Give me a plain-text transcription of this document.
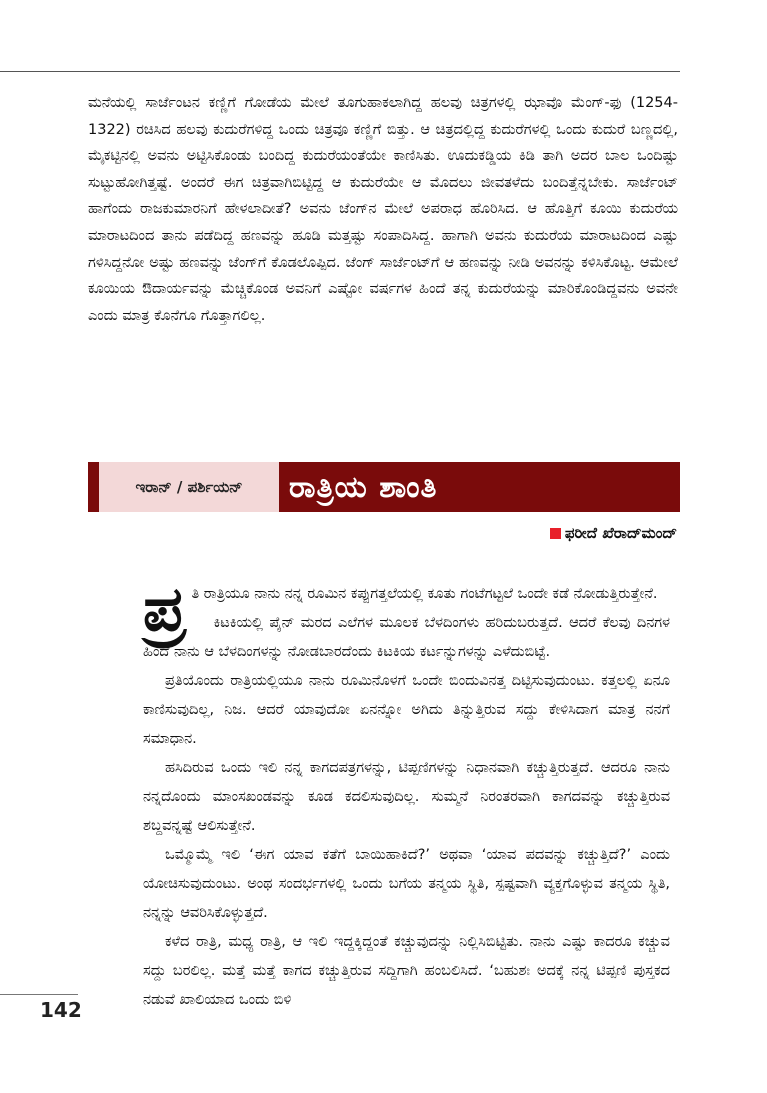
ಮನೆಯಲ್ಲಿ ಸಾರ್ಜೆಂಟನ ಕಣ್ಣಿಗೆ ಗೋಡೆಯ ಮೇಲೆ ತೂಗುಹಾಕಲಾಗಿದ್ದ ಹಲವು ಚಿತ್ರಗಳಲ್ಲಿ ಝಾವೊ ಮೆಂಗ್-ಫು (1254-1322) ರಚಿಸಿದ ಹಲವು ಕುದುರೆಗಳಿದ್ದ ಒಂದು ಚಿತ್ರವೂ ಕಣ್ಣಿಗೆ ಬಿತ್ತು. ಆ ಚಿತ್ರದಲ್ಲಿದ್ದ ಕುದುರೆಗಳಲ್ಲಿ ಒಂದು ಕುದುರೆ ಬಣ್ಣದಲ್ಲಿ, ಮೈಕಟ್ಟಿನಲ್ಲಿ ಅವನು ಅಟ್ಟಿಸಿಕೊಂಡು ಬಂದಿದ್ದ ಕುದುರೆಯಂತೆಯೇ ಕಾಣಿಸಿತು. ಊದುಕಡ್ಡಿಯ ಕಿಡಿ ತಾಗಿ ಅದರ ಬಾಲ ಒಂದಿಷ್ಟು ಸುಟ್ಟುಹೋಗಿತ್ತಷ್ಟೆ. ಅಂದರೆ ಈಗ ಚಿತ್ರವಾಗಿಬಿಟ್ಟಿದ್ದ ಆ ಕುದುರೆಯೇ ಆ ಮೊದಲು ಜೀವತಳೆದು ಬಂದಿತ್ತೆನ್ನಬೇಕು. ಸಾರ್ಜೆಂಟ್ ಹಾಗೆಂದು ರಾಜಕುಮಾರನಿಗೆ ಹೇಳಲಾದೀತೆ? ಅವನು ಜೆಂಗ್‌ನ ಮೇಲೆ ಅಪರಾಧ ಹೊರಿಸಿದ. ಆ ಹೊತ್ತಿಗೆ ಕೂಯಿ ಕುದುರೆಯ ಮಾರಾಟದಿಂದ ತಾನು ಪಡೆದಿದ್ದ ಹಣವನ್ನು ಹೂಡಿ ಮತ್ತಷ್ಟು ಸಂಪಾದಿಸಿದ್ದ. ಹಾಗಾಗಿ ಅವನು ಕುದುರೆಯ ಮಾರಾಟದಿಂದ ಎಷ್ಟು ಗಳಿಸಿದ್ದನೋ ಅಷ್ಟು ಹಣವನ್ನು ಜೆಂಗ್‌ಗೆ ಕೊಡಲೊಪ್ಪಿದ. ಜೆಂಗ್ ಸಾರ್ಜೆಂಟ್‌ಗೆ ಆ ಹಣವನ್ನು ನೀಡಿ ಅವನನ್ನು ಕಳಿಸಿಕೊಟ್ಟ. ಆಮೇಲೆ ಕೂಯಿಯ ಔದಾರ್ಯವನ್ನು ಮೆಚ್ಚಿಕೊಂಡ ಅವನಿಗೆ ಎಷ್ಟೋ ವರ್ಷಗಳ ಹಿಂದೆ ತನ್ನ ಕುದುರೆಯನ್ನು ಮಾರಿಕೊಂಡಿದ್ದವನು ಅವನೇ ಎಂದು ಮಾತ್ರ ಕೊನೆಗೂ ಗೊತ್ತಾಗಲಿಲ್ಲ.

ಇರಾನ್ / ಪರ್ಶಿಯನ್	ರಾತ್ರಿಯ ಶಾಂತಿ
ಫರೀದೆ ಖೆರಾದ್‌ಮಂದ್

ಪ್ರ ತಿ ರಾತ್ರಿಯೂ ನಾನು ನನ್ನ ರೂಮಿನ ಕಪ್ಪುಗತ್ತಲೆಯಲ್ಲಿ ಕೂತು ಗಂಟೆಗಟ್ಟಲೆ ಒಂದೇ ಕಡೆ ನೋಡುತ್ತಿರುತ್ತೇನೆ.

ಕಿಟಕಿಯಲ್ಲಿ ಪೈನ್ ಮರದ ಎಲೆಗಳ ಮೂಲಕ ಬೆಳದಿಂಗಳು ಹರಿದುಬರುತ್ತದೆ. ಆದರೆ ಕೆಲವು ದಿನಗಳ ಹಿಂದೆ ನಾನು ಆ ಬೆಳದಿಂಗಳನ್ನು ನೋಡಬಾರದೆಂದು ಕಿಟಕಿಯ ಕರ್ಟನ್ನುಗಳನ್ನು ಎಳೆದುಬಿಟ್ಟೆ.

ಪ್ರತಿಯೊಂದು ರಾತ್ರಿಯಲ್ಲಿಯೂ ನಾನು ರೂಮಿನೊಳಗೆ ಒಂದೇ ಬಿಂದುವಿನತ್ತ ದಿಟ್ಟಿಸುವುದುಂಟು. ಕತ್ತಲಲ್ಲಿ ಏನೂ ಕಾಣಿಸುವುದಿಲ್ಲ, ನಿಜ. ಆದರೆ ಯಾವುದೋ ಏನನ್ನೋ ಅಗಿದು ತಿನ್ನುತ್ತಿರುವ ಸದ್ದು ಕೇಳಿಸಿದಾಗ ಮಾತ್ರ ನನಗೆ ಸಮಾಧಾನ.

ಹಸಿದಿರುವ ಒಂದು ಇಲಿ ನನ್ನ ಕಾಗದಪತ್ರಗಳನ್ನು, ಟಿಪ್ಪಣಿಗಳನ್ನು ನಿಧಾನವಾಗಿ ಕಚ್ಚುತ್ತಿರುತ್ತದೆ. ಆದರೂ ನಾನು ನನ್ನದೊಂದು ಮಾಂಸಖಂಡವನ್ನು ಕೂಡ ಕದಲಿಸುವುದಿಲ್ಲ. ಸುಮ್ಮನೆ ನಿರಂತರವಾಗಿ ಕಾಗದವನ್ನು ಕಚ್ಚುತ್ತಿರುವ ಶಬ್ದವನ್ನಷ್ಟೆ ಆಲಿಸುತ್ತೇನೆ.

ಒಮ್ಮೊಮ್ಮೆ ಇಲಿ ‘ಈಗ ಯಾವ ಕತೆಗೆ ಬಾಯಿಹಾಕಿದೆ?’ ಅಥವಾ ‘ಯಾವ ಪದವನ್ನು ಕಚ್ಚುತ್ತಿದೆ?’ ಎಂದು ಯೋಚಿಸುವುದುಂಟು. ಅಂಥ ಸಂದರ್ಭಗಳಲ್ಲಿ ಒಂದು ಬಗೆಯ ತನ್ಮಯ ಸ್ಥಿತಿ, ಸ್ಪಷ್ಟವಾಗಿ ವ್ಯಕ್ತಗೊಳ್ಳುವ ತನ್ಮಯ ಸ್ಥಿತಿ, ನನ್ನನ್ನು ಆವರಿಸಿಕೊಳ್ಳುತ್ತದೆ.

ಕಳೆದ ರಾತ್ರಿ, ಮಧ್ಯ ರಾತ್ರಿ, ಆ ಇಲಿ ಇದ್ದಕ್ಕಿದ್ದಂತೆ ಕಚ್ಚುವುದನ್ನು ನಿಲ್ಲಿಸಿಬಿಟ್ಟಿತು. ನಾನು ಎಷ್ಟು ಕಾದರೂ ಕಚ್ಚುವ ಸದ್ದು ಬರಲಿಲ್ಲ. ಮತ್ತೆ ಮತ್ತೆ ಕಾಗದ ಕಚ್ಚುತ್ತಿರುವ ಸದ್ದಿಗಾಗಿ ಹಂಬಲಿಸಿದೆ. ‘ಬಹುಶಃ ಅದಕ್ಕೆ ನನ್ನ ಟಿಪ್ಪಣಿ ಪುಸ್ತಕದ ನಡುವೆ ಖಾಲಿಯಾದ ಒಂದು ಬಿಳಿ

142
